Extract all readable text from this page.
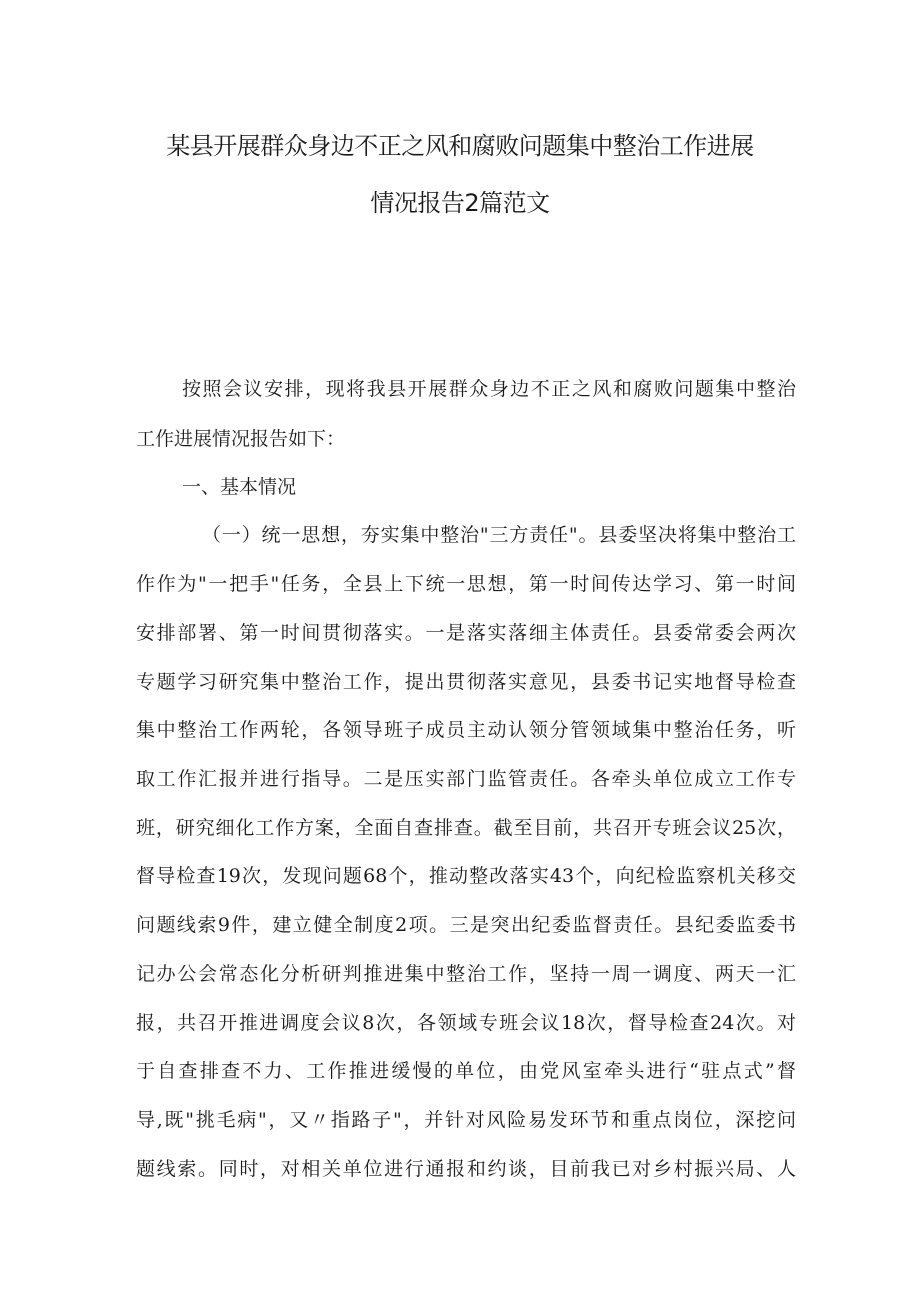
某县开展群众身边不正之风和腐败问题集中整治工作进展
情况报告2篇范文
按照会议安排，现将我县开展群众身边不正之风和腐败问题集中整治
工作进展情况报告如下：
一、基本情况
（一）统一思想，夯实集中整治"三方责任"。县委坚决将集中整治工
作作为"一把手"任务，全县上下统一思想，第一时间传达学习、第一时间
安排部署、第一时间贯彻落实。一是落实落细主体责任。县委常委会两次
专题学习研究集中整治工作，提出贯彻落实意见，县委书记实地督导检查
集中整治工作两轮，各领导班子成员主动认领分管领域集中整治任务，听
取工作汇报并进行指导。二是压实部门监管责任。各牵头单位成立工作专
班，研究细化工作方案，全面自查排查。截至目前，共召开专班会议25次，
督导检查19次，发现问题68个，推动整改落实43个，向纪检监察机关移交
问题线索9件，建立健全制度2项。三是突出纪委监督责任。县纪委监委书
记办公会常态化分析研判推进集中整治工作，坚持一周一调度、两天一汇
报，共召开推进调度会议8次，各领域专班会议18次，督导检查24次。对
于自查排查不力、工作推进缓慢的单位，由党风室牵头进行“驻点式”督
导,既"挑毛病"，又〃指路子"，并针对风险易发环节和重点岗位，深挖问
题线索。同时，对相关单位进行通报和约谈，目前我已对乡村振兴局、人
